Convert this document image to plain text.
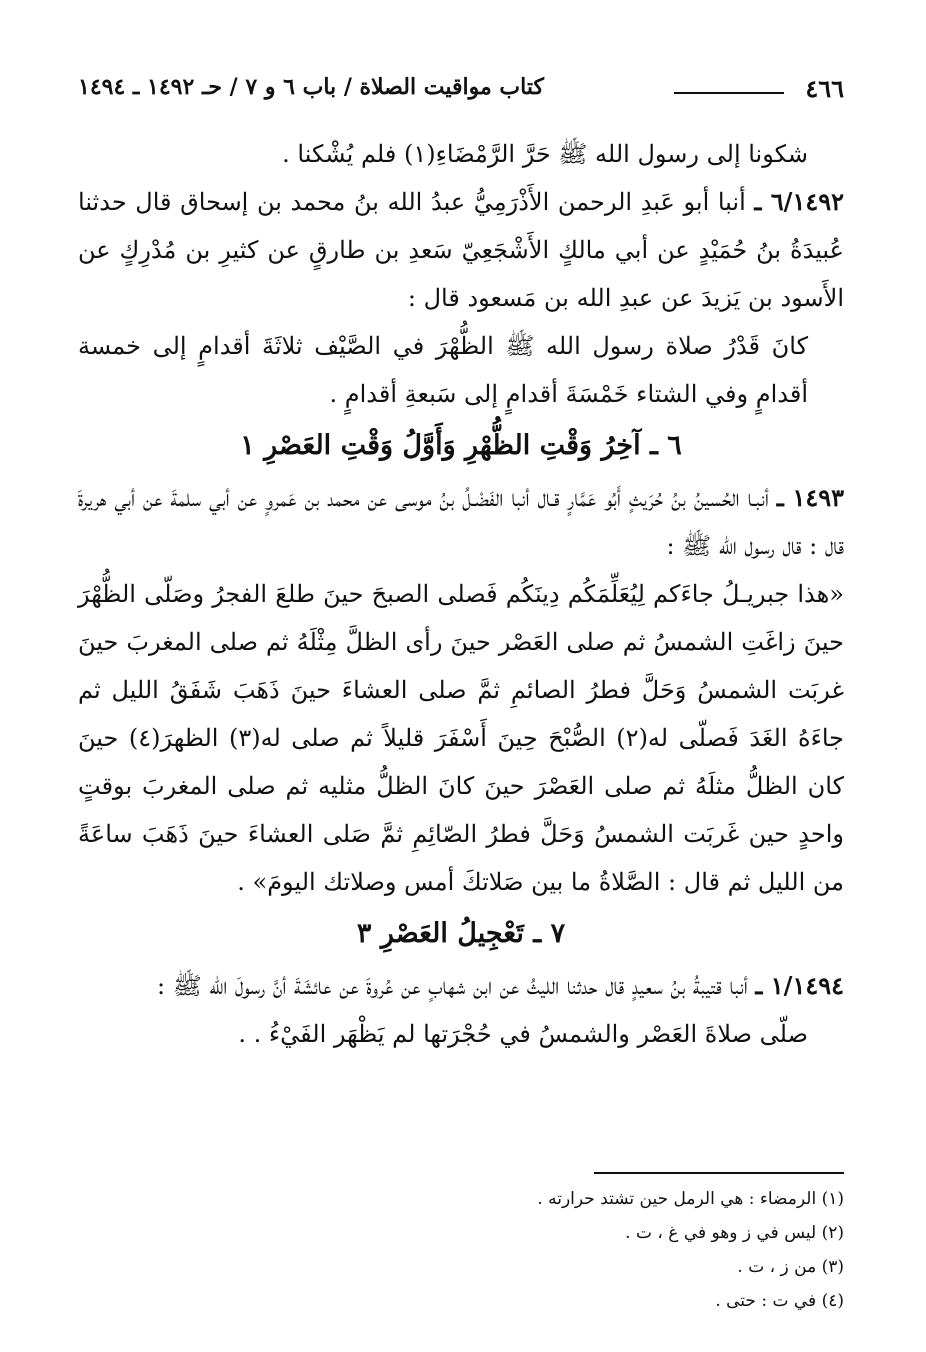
٤٦٦
كتاب مواقيت الصلاة / باب ٦ و ٧ / حـ ١٤٩٢ ـ ١٤٩٤

شكونا إلى رسول الله ﷺ حَرَّ الرَّمْضَاءِ(١) فلم يُشْكنا .

٦/١٤٩٢ ـ أنبا أبو عَبدِ الرحمن الأَذْرَمِيُّ عبدُ الله بنُ محمد بن إسحاق قال حدثنا عُبيدَةُ بنُ حُمَيْدٍ عن أبي مالكٍ الأَشْجَعِيّ سَعدِ بن طارقٍ عن كثيرِ بن مُدْرِكٍ عن الأَسود بن يَزيدَ عن عبدِ الله بن مَسعود قال :

كانَ قَدْرُ صلاة رسول الله ﷺ الظُّهْرَ في الصَّيْف ثلاثَةَ أقدامٍ إلى خمسة أقدامٍ وفي الشتاء خَمْسَةَ أقدامٍ إلى سَبعةِ أقدامٍ .

٦ ـ آخِرُ وَقْتِ الظُّهْرِ وَأَوَّلُ وَقْتِ العَصْرِ ١

١٤٩٣ ـ أنبـا الحُسينُ بنُ حُرَيثٍ أَبُو عَمَّارٍ قـال أنبا الفَضْـلُ بنُ موسى عن محمد بن عَمروٍ عن أبي سلمةَ عن أبي هريرةَ قال : قال رسول الله ﷺ :

«هذا جبريـلُ جاءَكم لِيُعَلِّمَكُم دِينَكُم فَصلى الصبحَ حينَ طلعَ الفجرُ وصَلّى الظُّهْرَ حينَ زاغَتِ الشمسُ ثم صلى العَصْر حينَ رأى الظلَّ مِثْلَهُ ثم صلى المغربَ حينَ غربَت الشمسُ وَحَلَّ فطرُ الصائمِ ثمَّ صلى العشاءَ حينَ ذَهَبَ شَفَقُ الليل ثم جاءَهُ الغَدَ فَصلّى له(٢) الصُّبْحَ حِينَ أَسْفَرَ قليلاً ثم صلى له(٣) الظهرَ(٤) حينَ كان الظلُّ مثلَهُ ثم صلى العَصْرَ حينَ كانَ الظلُّ مثليه ثم صلى المغربَ بوقتٍ واحدٍ حين غَربَت الشمسُ وَحَلَّ فطرُ الصّائِمِ ثمَّ صَلى العشاءَ حينَ ذَهَبَ ساعَةً من الليل ثم قال : الصَّلاةُ ما بين صَلاتكَ أمس وصلاتك اليومَ» .

٧ ـ تَعْجِيلُ العَصْرِ ٣

١/١٤٩٤ ـ أنبا قتيبةُ بنُ سعيدٍ قال حدثنا الليثُ عن ابن شهابٍ عن عُروةَ عن عائشَةَ أنَّ رسولَ الله ﷺ :

صلّى صلاةَ العَصْر والشمسُ في حُجْرَتها لم يَظْهَر الفَيْءُ . .

(١) الرمضاء : هي الرمل حين تشتد حرارته .

(٢) ليس في ز وهو في غ ، ت .

(٣) من ز ، ت .

(٤) في ت : حتى .
